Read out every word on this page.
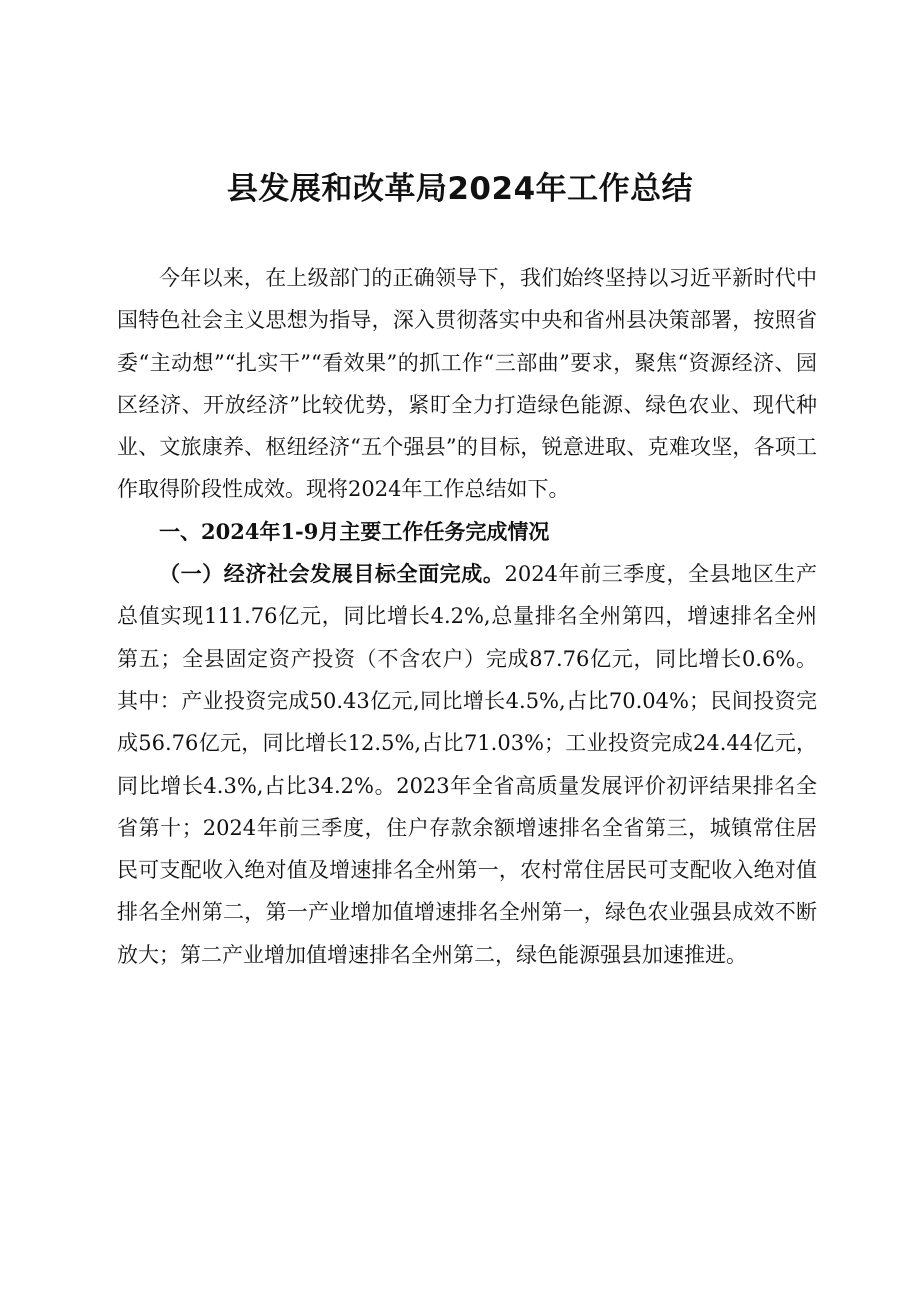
县发展和改革局2024年工作总结

今年以来，在上级部门的正确领导下，我们始终坚持以习近平新时代中国特色社会主义思想为指导，深入贯彻落实中央和省州县决策部署，按照省委“主动想”“扎实干”“看效果”的抓工作“三部曲”要求，聚焦“资源经济、园区经济、开放经济”比较优势，紧盯全力打造绿色能源、绿色农业、现代种业、文旅康养、枢纽经济“五个强县”的目标，锐意进取、克难攻坚，各项工作取得阶段性成效。现将2024年工作总结如下。

一、2024年1-9月主要工作任务完成情况

（一）经济社会发展目标全面完成。2024年前三季度，全县地区生产总值实现111.76亿元，同比增长4.2%,总量排名全州第四，增速排名全州第五；全县固定资产投资（不含农户）完成87.76亿元，同比增长0.6%。其中：产业投资完成50.43亿元,同比增长4.5%,占比70.04%；民间投资完成56.76亿元，同比增长12.5%,占比71.03%；工业投资完成24.44亿元，同比增长4.3%,占比34.2%。2023年全省高质量发展评价初评结果排名全省第十；2024年前三季度，住户存款余额增速排名全省第三，城镇常住居民可支配收入绝对值及增速排名全州第一，农村常住居民可支配收入绝对值排名全州第二，第一产业增加值增速排名全州第一，绿色农业强县成效不断放大；第二产业增加值增速排名全州第二，绿色能源强县加速推进。
